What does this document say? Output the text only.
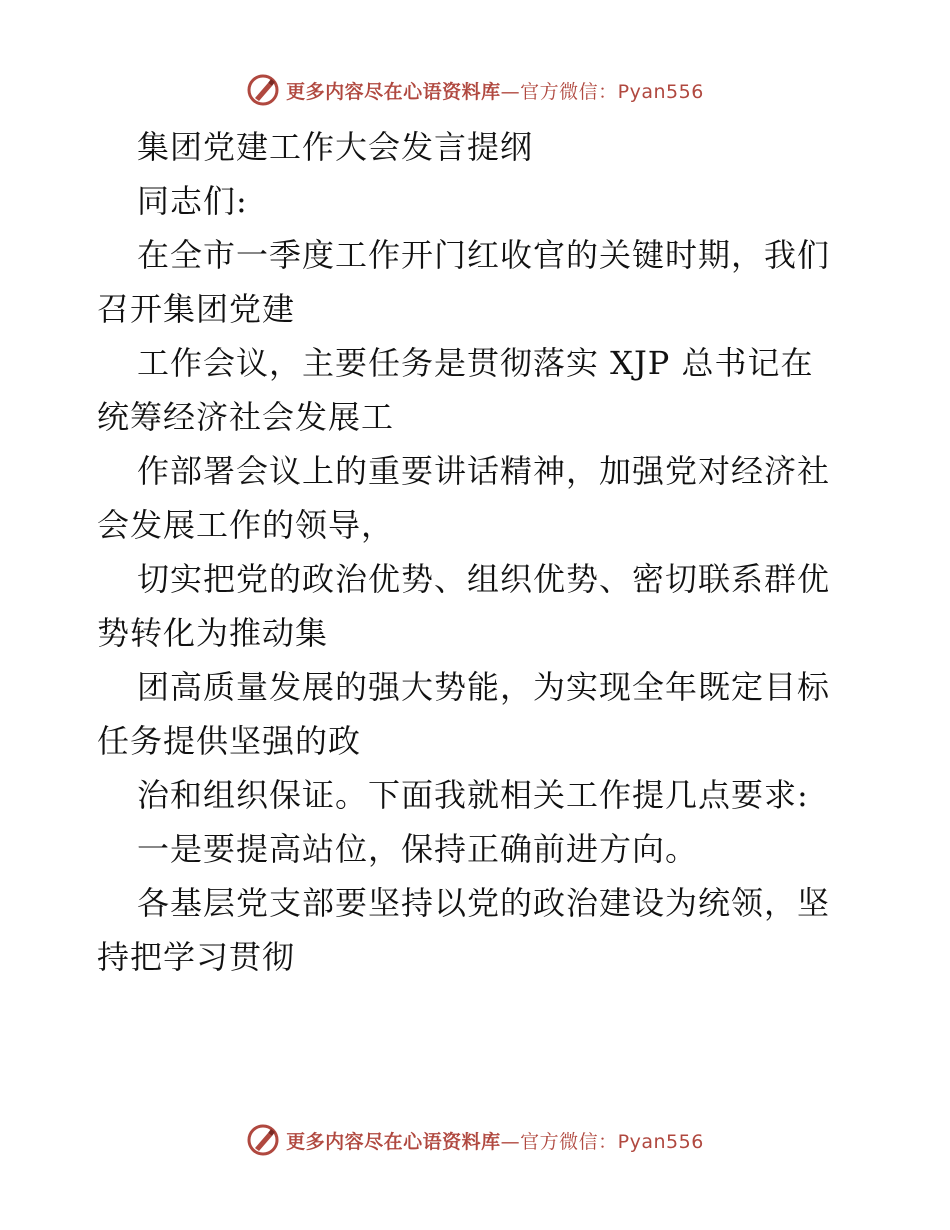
更多内容尽在心语资料库—官方微信：Pyan556
集团党建工作大会发言提纲
同志们:
在全市一季度工作开门红收官的关键时期，我们
召开集团党建
工作会议，主要任务是贯彻落实 XJP 总书记在
统筹经济社会发展工
作部署会议上的重要讲话精神，加强党对经济社
会发展工作的领导，
切实把党的政治优势、组织优势、密切联系群优
势转化为推动集
团高质量发展的强大势能，为实现全年既定目标
任务提供坚强的政
治和组织保证。下面我就相关工作提几点要求:
一是要提高站位，保持正确前进方向。
各基层党支部要坚持以党的政治建设为统领，坚
持把学习贯彻
更多内容尽在心语资料库—官方微信：Pyan556
